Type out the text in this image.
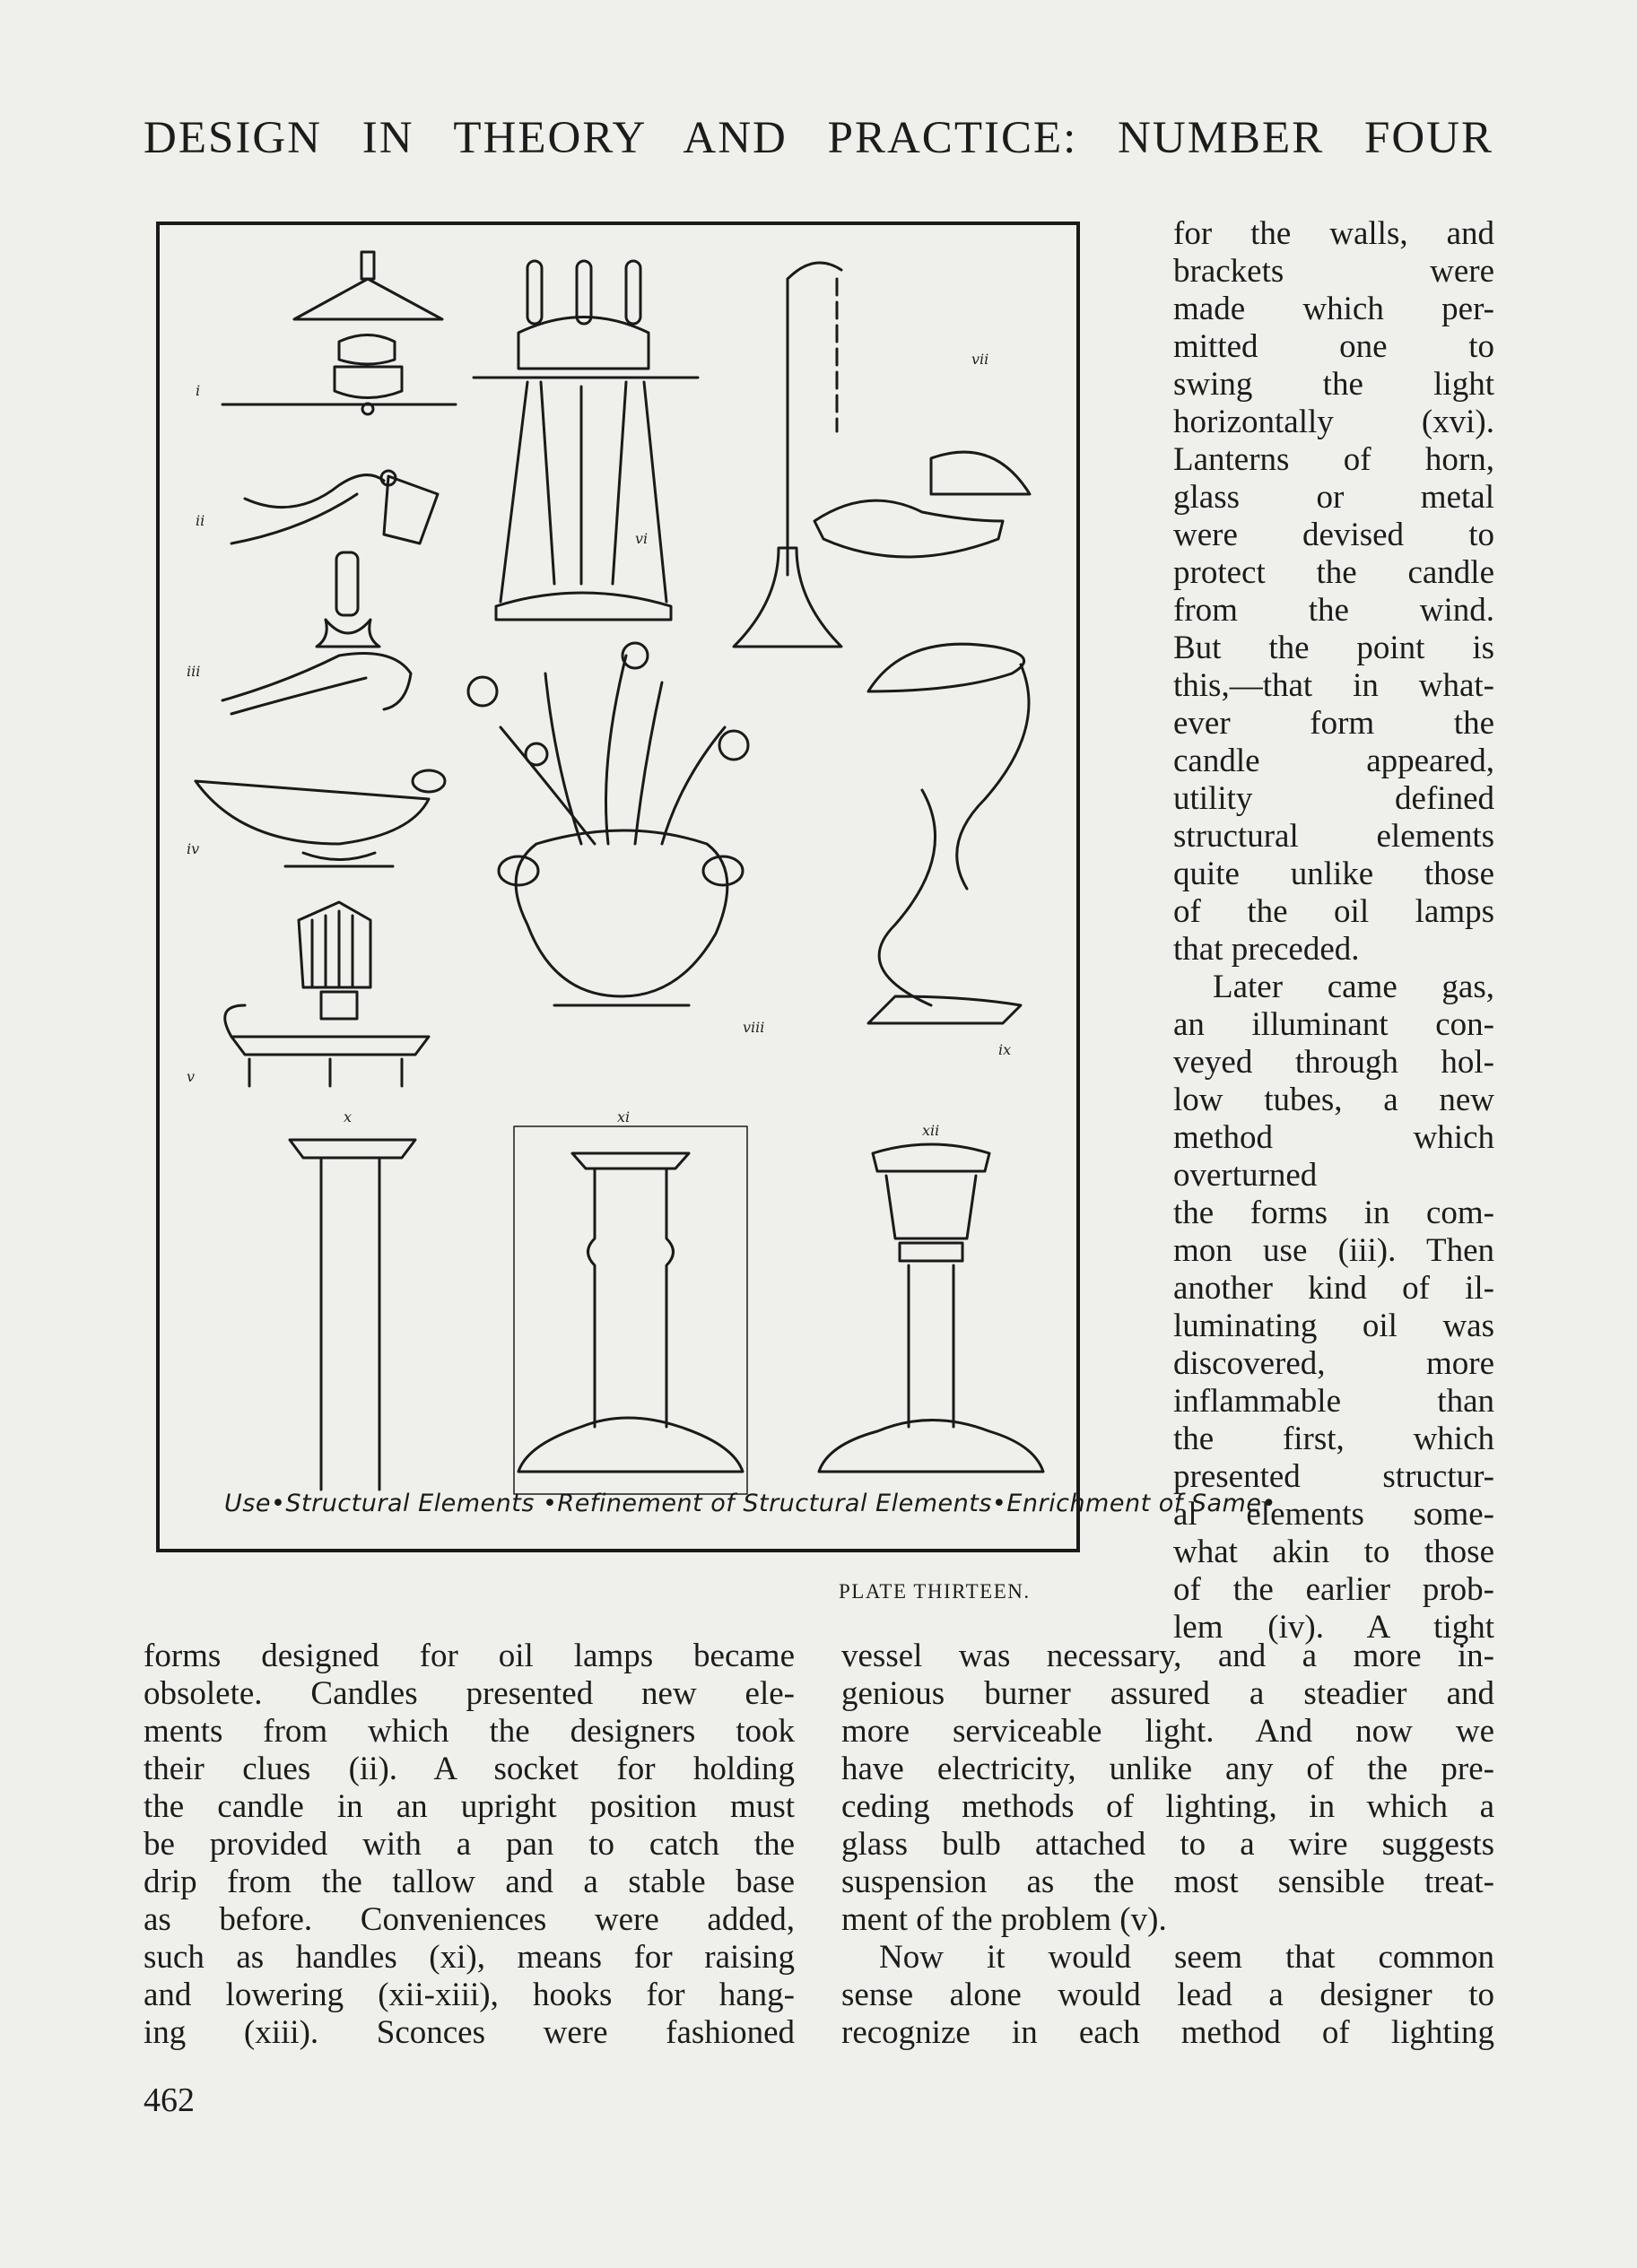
DESIGN IN THEORY AND PRACTICE: NUMBER FOUR
i
ii
iii
iv
v
vi
vii
viii
ix
x	xi
xii
Use•Structural Elements •Refinement of Structural Elements•Enrichment of Same•
PLATE THIRTEEN.
for the walls, and
brackets were
made which per-
mitted one to
swing the light
horizontally (xvi).
Lanterns of horn,
glass or metal
were devised to
protect the candle
from the wind.
But the point is
this,—that in what-
ever form the
candle appeared,
utility defined
structural elements
quite unlike those
of the oil lamps
that preceded.
Later came gas,
an illuminant con-
veyed through hol-
low tubes, a new
method which
overturned
the forms in com-
mon use (iii). Then
another kind of il-
luminating oil was
discovered, more
inflammable than
the first, which
presented structur-
al elements some-
what akin to those
of the earlier prob-
lem (iv). A tight
forms designed for oil lamps became
obsolete. Candles presented new ele-
ments from which the designers took
their clues (ii). A socket for holding
the candle in an upright position must
be provided with a pan to catch the
drip from the tallow and a stable base
as before. Conveniences were added,
such as handles (xi), means for raising
and lowering (xii-xiii), hooks for hang-
ing (xiii). Sconces were fashioned
vessel was necessary, and a more in-
genious burner assured a steadier and
more serviceable light. And now we
have electricity, unlike any of the pre-
ceding methods of lighting, in which a
glass bulb attached to a wire suggests
suspension as the most sensible treat-
ment of the problem (v).
Now it would seem that common
sense alone would lead a designer to
recognize in each method of lighting
462
